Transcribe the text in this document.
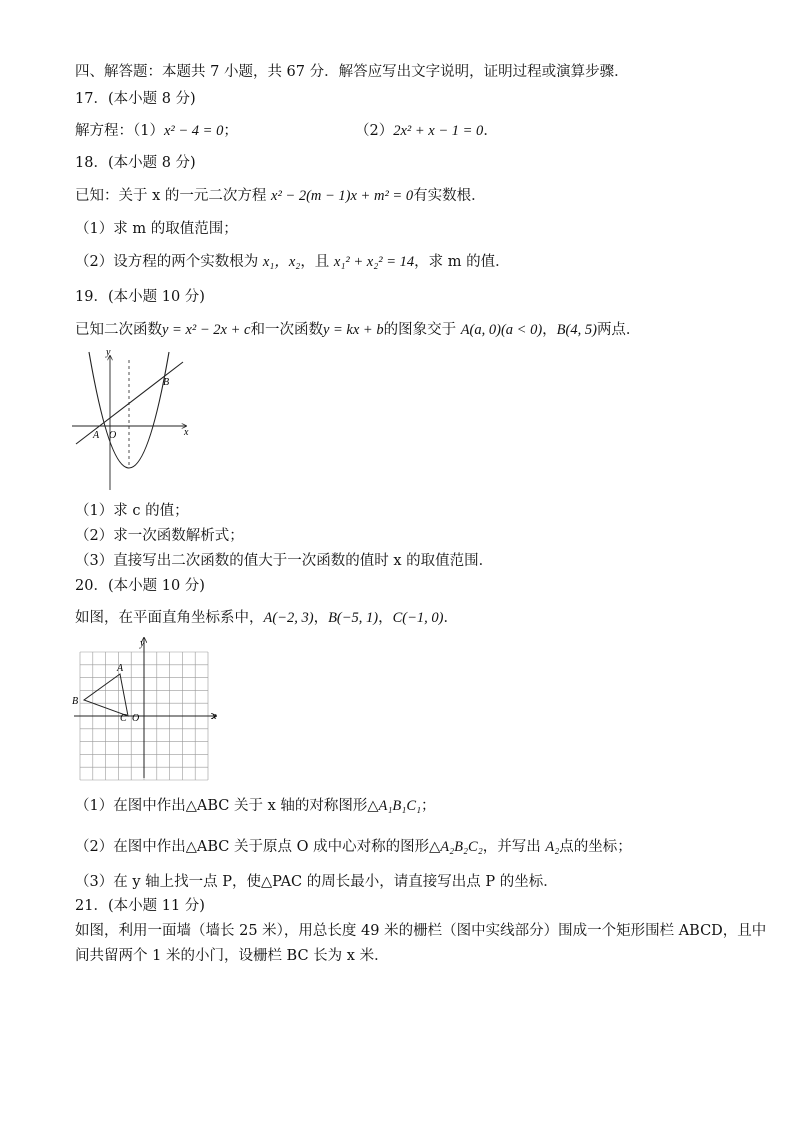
四、解答题：本题共 7 小题，共 67 分．解答应写出文字说明，证明过程或演算步骤．
17．(本小题 8 分)
解方程：（1）x² − 4 = 0；	（2）2x² + x − 1 = 0．
18．(本小题 8 分)
已知：关于 x 的一元二次方程 x² − 2(m − 1)x + m² = 0有实数根．
（1）求 m 的取值范围；
（2）设方程的两个实数根为 x₁，x₂，且 x₁² + x₂² = 14，求 m 的值．
19．(本小题 10 分)
已知二次函数y = x² − 2x + c和一次函数y = kx + b的图象交于 A(a, 0)(a < 0)，B(4, 5)两点．
y
x
O
A
B
（1）求 c 的值；
（2）求一次函数解析式；
（3）直接写出二次函数的值大于一次函数的值时 x 的取值范围．
20．(本小题 10 分)
如图，在平面直角坐标系中，A(−2, 3)，B(−5, 1)，C(−1, 0)．
y
x
O
A
B
C
（1）在图中作出△ABC 关于 x 轴的对称图形△A₁B₁C₁；
（2）在图中作出△ABC 关于原点 O 成中心对称的图形△A₂B₂C₂，并写出 A₂点的坐标；
（3）在 y 轴上找一点 P，使△PAC 的周长最小，请直接写出点 P 的坐标．
21．(本小题 11 分)
如图，利用一面墙（墙长 25 米），用总长度 49 米的栅栏（图中实线部分）围成一个矩形围栏 ABCD，且中
间共留两个 1 米的小门，设栅栏 BC 长为 x 米．
